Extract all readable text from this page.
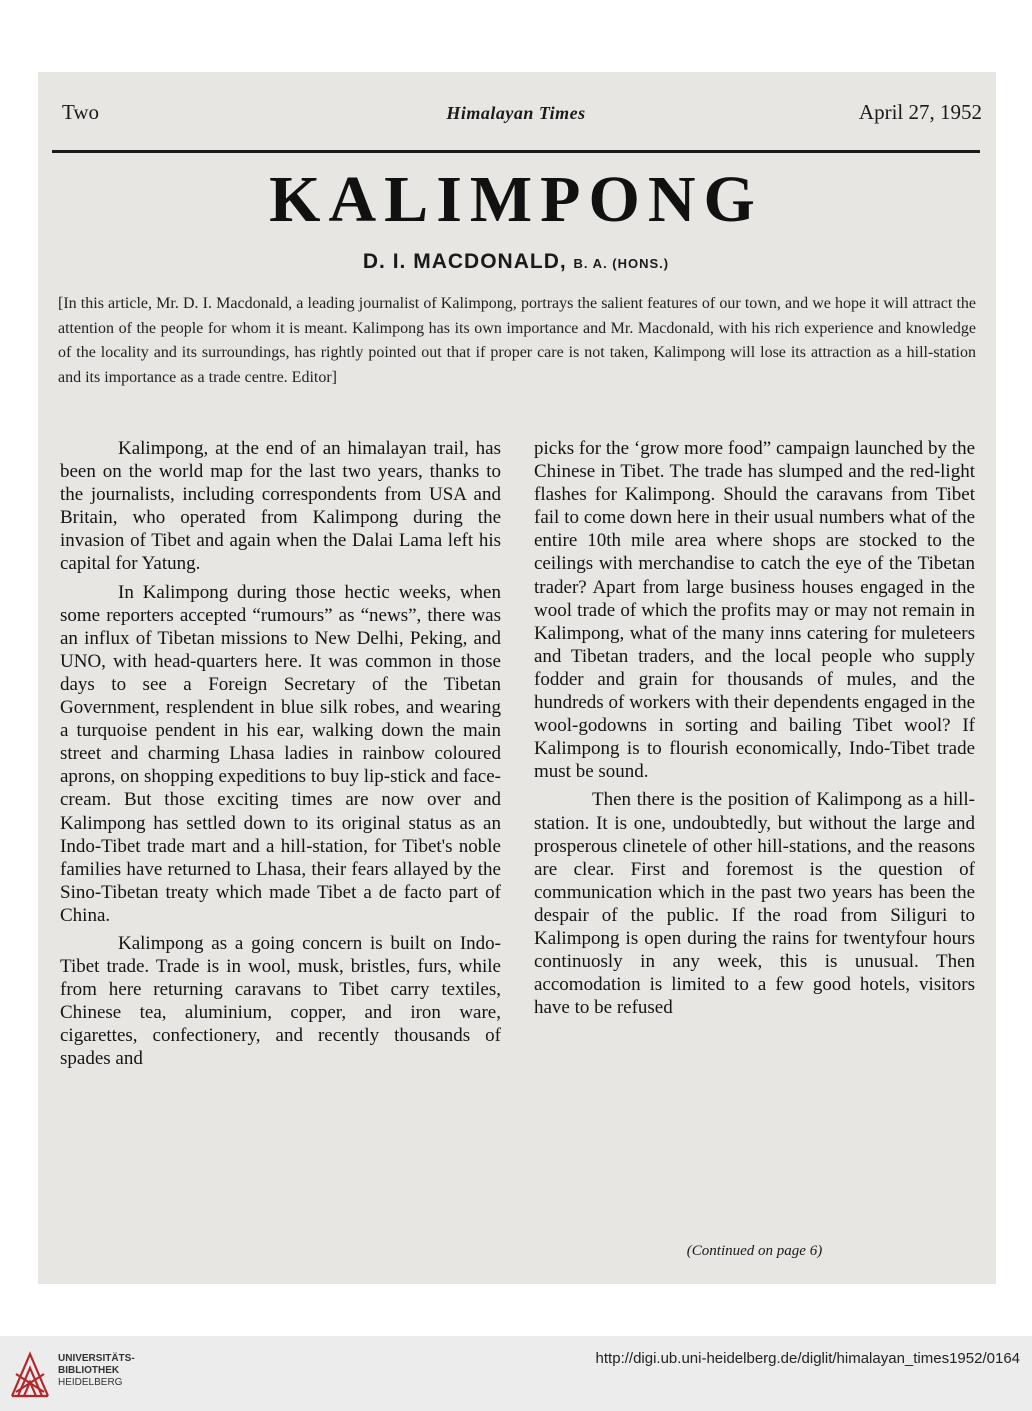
Two	Himalayan Times	April 27, 1952
KALIMPONG
D. I. MACDONALD, B. A. (HONS.)
[In this article, Mr. D. I. Macdonald, a leading journalist of Kalimpong, portrays the salient features of our town, and we hope it will attract the attention of the people for whom it is meant. Kalimpong has its own importance and Mr. Macdonald, with his rich experience and knowledge of the locality and its surroundings, has rightly pointed out that if proper care is not taken, Kalimpong will lose its attraction as a hill-station and its importance as a trade centre. Editor]

Kalimpong, at the end of an himalayan trail, has been on the world map for the last two years, thanks to the journalists, including correspondents from USA and Britain, who operated from Kalimpong during the invasion of Tibet and again when the Dalai Lama left his capital for Yatung.

In Kalimpong during those hectic weeks, when some reporters accepted “rumours” as “news”, there was an influx of Tibetan missions to New Delhi, Peking, and UNO, with head-quarters here. It was common in those days to see a Foreign Secretary of the Tibetan Government, resplendent in blue silk robes, and wearing a turquoise pendent in his ear, walking down the main street and charming Lhasa ladies in rainbow coloured aprons, on shopping expeditions to buy lip-stick and face-cream. But those exciting times are now over and Kalimpong has settled down to its original status as an Indo-Tibet trade mart and a hill-station, for Tibet's noble families have returned to Lhasa, their fears allayed by the Sino-Tibetan treaty which made Tibet a de facto part of China.

Kalimpong as a going concern is built on Indo-Tibet trade. Trade is in wool, musk, bristles, furs, while from here returning caravans to Tibet carry textiles, Chinese tea, aluminium, copper, and iron ware, cigarettes, confectionery, and recently thousands of spades and

picks for the ‘grow more food” campaign launched by the Chinese in Tibet. The trade has slumped and the red-light flashes for Kalimpong. Should the caravans from Tibet fail to come down here in their usual numbers what of the entire 10th mile area where shops are stocked to the ceilings with merchandise to catch the eye of the Tibetan trader? Apart from large business houses engaged in the wool trade of which the profits may or may not remain in Kalimpong, what of the many inns catering for muleteers and Tibetan traders, and the local people who supply fodder and grain for thousands of mules, and the hundreds of workers with their dependents engaged in the wool-godowns in sorting and bailing Tibet wool? If Kalimpong is to flourish economically, Indo-Tibet trade must be sound.

Then there is the position of Kalimpong as a hill-station. It is one, undoubtedly, but without the large and prosperous clinetele of other hill-stations, and the reasons are clear. First and foremost is the question of communication which in the past two years has been the despair of the public. If the road from Siliguri to Kalimpong is open during the rains for twentyfour hours continuosly in any week, this is unusual. Then accomodation is limited to a few good hotels, visitors have to be refused

(Continued on page 6)
UNIVERSITÄTS-
BIBLIOTHEK
HEIDELBERG
http://digi.ub.uni-heidelberg.de/diglit/himalayan_times1952/0164
